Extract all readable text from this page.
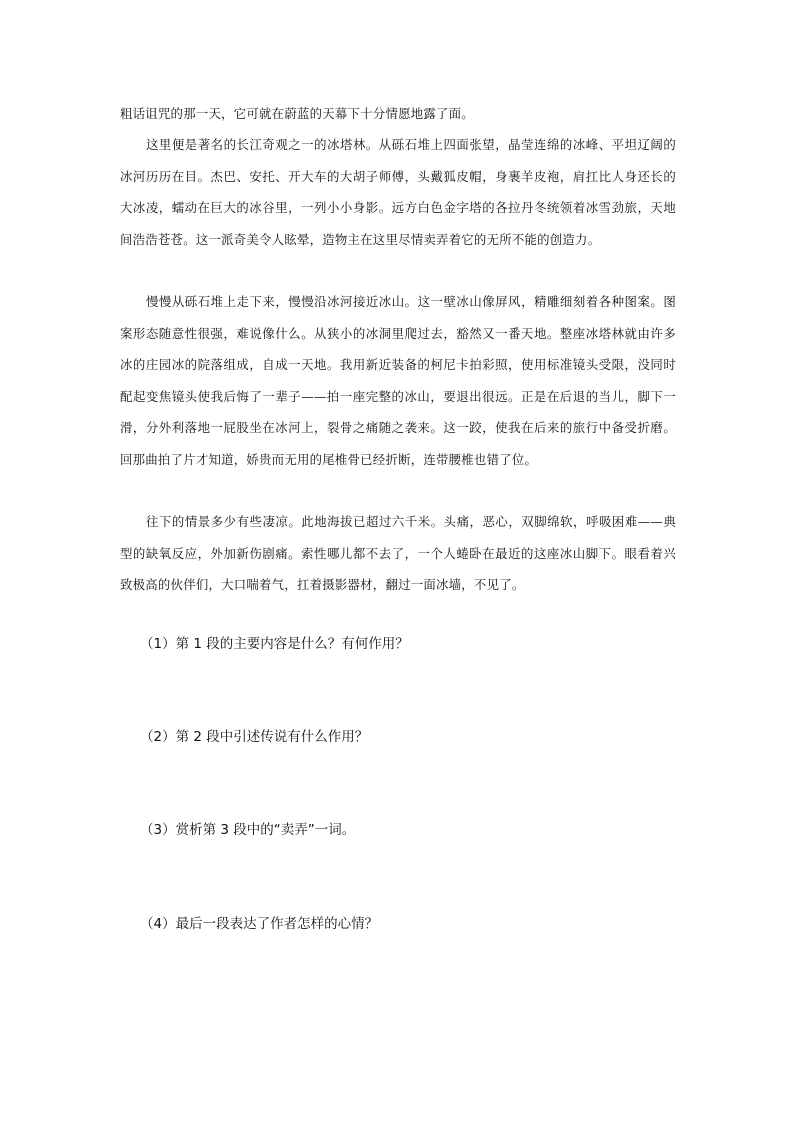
粗话诅咒的那一天，它可就在蔚蓝的天幕下十分情愿地露了面。

这里便是著名的长江奇观之一的冰塔林。从砾石堆上四面张望，晶莹连绵的冰峰、平坦辽阔的冰河历历在目。杰巴、安托、开大车的大胡子师傅，头戴狐皮帽，身裹羊皮袍，肩扛比人身还长的大冰凌，蠕动在巨大的冰谷里，一列小小身影。远方白色金字塔的各拉丹冬统领着冰雪劲旅，天地间浩浩苍苍。这一派奇美令人眩晕，造物主在这里尽情卖弄着它的无所不能的创造力。

慢慢从砾石堆上走下来，慢慢沿冰河接近冰山。这一壁冰山像屏风，精雕细刻着各种图案。图案形态随意性很强，难说像什么。从狭小的冰洞里爬过去，豁然又一番天地。整座冰塔林就由许多冰的庄园冰的院落组成，自成一天地。我用新近装备的柯尼卡拍彩照，使用标准镜头受限，没同时配起变焦镜头使我后悔了一辈子——拍一座完整的冰山，要退出很远。正是在后退的当儿，脚下一滑，分外利落地一屁股坐在冰河上，裂骨之痛随之袭来。这一跤，使我在后来的旅行中备受折磨。回那曲拍了片才知道，娇贵而无用的尾椎骨已经折断，连带腰椎也错了位。

往下的情景多少有些凄凉。此地海拔已超过六千米。头痛，恶心，双脚绵软，呼吸困难——典型的缺氧反应，外加新伤剧痛。索性哪儿都不去了，一个人蜷卧在最近的这座冰山脚下。眼看着兴致极高的伙伴们，大口喘着气，扛着摄影器材，翻过一面冰墙，不见了。

（1）第 1 段的主要内容是什么？有何作用？

（2）第 2 段中引述传说有什么作用？

（3）赏析第 3 段中的“卖弄”一词。

（4）最后一段表达了作者怎样的心情？
